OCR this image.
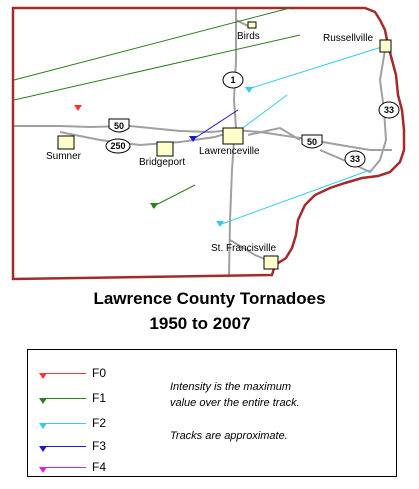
Birds	Russellville
Sumner
Bridgeport
Lawrenceville
St. Francisville
1
50
250	50
33
33
Lawrence County Tornadoes
1950 to 2007
F0
F1
F2
F3
F4
Intensity is the maximum
value over the entire track.
Tracks are approximate.
